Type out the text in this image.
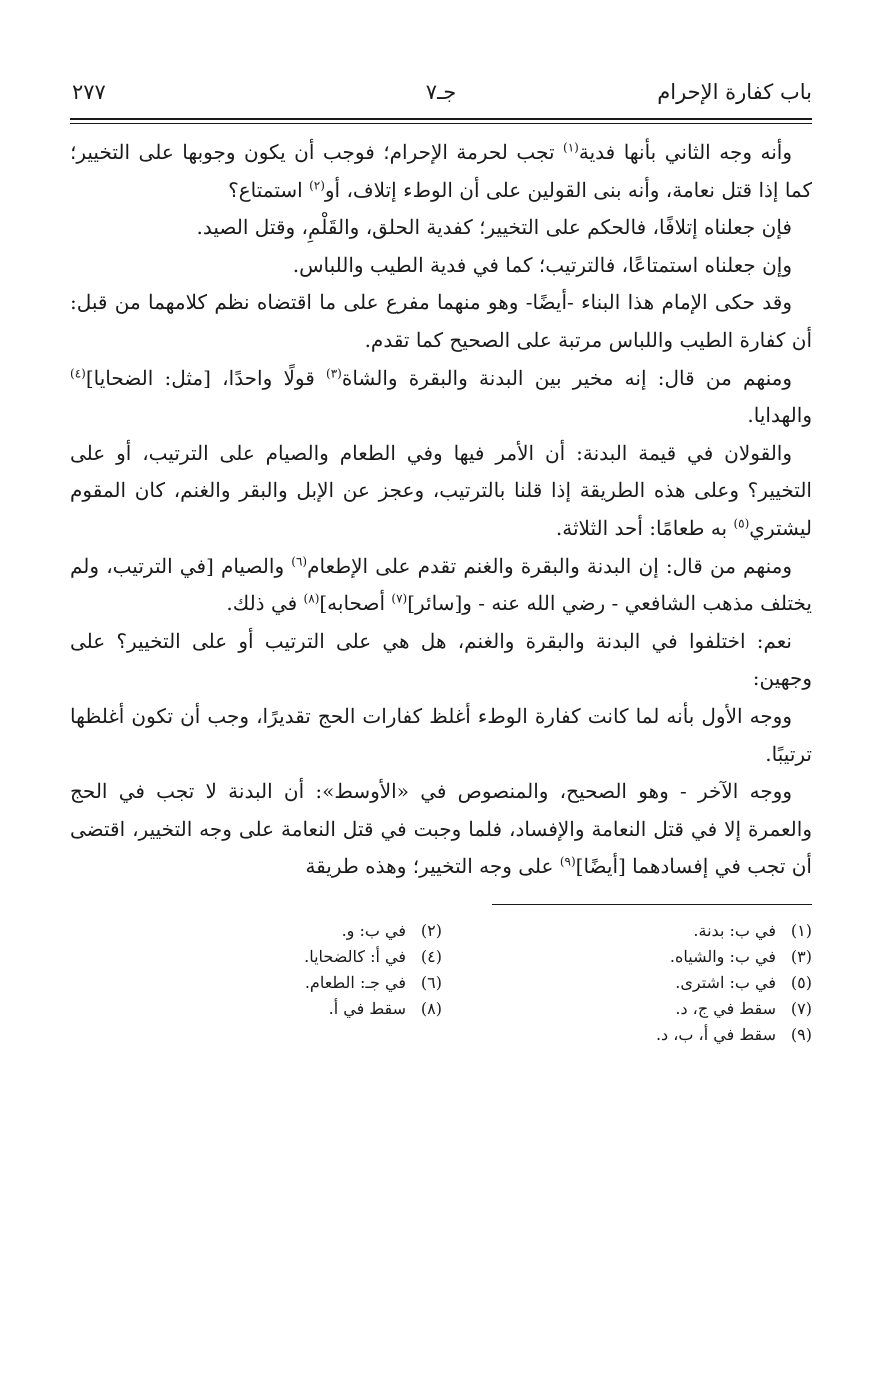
باب كفارة الإحرام
جـ٧
٢٧٧

وأنه وجه الثاني بأنها فدية$^{(١)}$ تجب لحرمة الإحرام؛ فوجب أن يكون وجوبها على التخيير؛ كما إذا قتل نعامة، وأنه بنى القولين على أن الوطء إتلاف، أو$^{(٢)}$ استمتاع؟

فإن جعلناه إتلافًا، فالحكم على التخيير؛ كفدية الحلق، والقَلْمِ، وقتل الصيد.

وإن جعلناه استمتاعًا، فالترتيب؛ كما في فدية الطيب واللباس.

وقد حكى الإمام هذا البناء -أيضًا- وهو منهما مفرع على ما اقتضاه نظم كلامهما من قبل: أن كفارة الطيب واللباس مرتبة على الصحيح كما تقدم.

ومنهم من قال: إنه مخير بين البدنة والبقرة والشاة$^{(٣)}$ قولًا واحدًا، [مثل: الضحايا]$^{(٤)}$ والهدايا.

والقولان في قيمة البدنة: أن الأمر فيها وفي الطعام والصيام على الترتيب، أو على التخيير؟ وعلى هذه الطريقة إذا قلنا بالترتيب، وعجز عن الإبل والبقر والغنم، كان المقوم ليشتري$^{(٥)}$ به طعامًا: أحد الثلاثة.

ومنهم من قال: إن البدنة والبقرة والغنم تقدم على الإطعام$^{(٦)}$ والصيام [في الترتيب، ولم يختلف مذهب الشافعي - رضي الله عنه - و[سائر]$^{(٧)}$ أصحابه]$^{(٨)}$ في ذلك.

نعم: اختلفوا في البدنة والبقرة والغنم، هل هي على الترتيب أو على التخيير؟ على وجهين:

ووجه الأول بأنه لما كانت كفارة الوطء أغلظ كفارات الحج تقديرًا، وجب أن تكون أغلظها ترتيبًا.

ووجه الآخر - وهو الصحيح، والمنصوص في «الأوسط»: أن البدنة لا تجب في الحج والعمرة إلا في قتل النعامة والإفساد، فلما وجبت في قتل النعامة على وجه التخيير، اقتضى أن تجب في إفسادهما [أيضًا]$^{(٩)}$ على وجه التخيير؛ وهذه طريقة

(١)في ب: بدنة.
(٢)في ب: و.
(٣)في ب: والشياه.
(٤)في أ: كالضحايا.
(٥)في ب: اشترى.
(٦)في جـ: الطعام.
(٧)سقط في ج، د.
(٨)سقط في أ.
(٩)سقط في أ، ب، د.
